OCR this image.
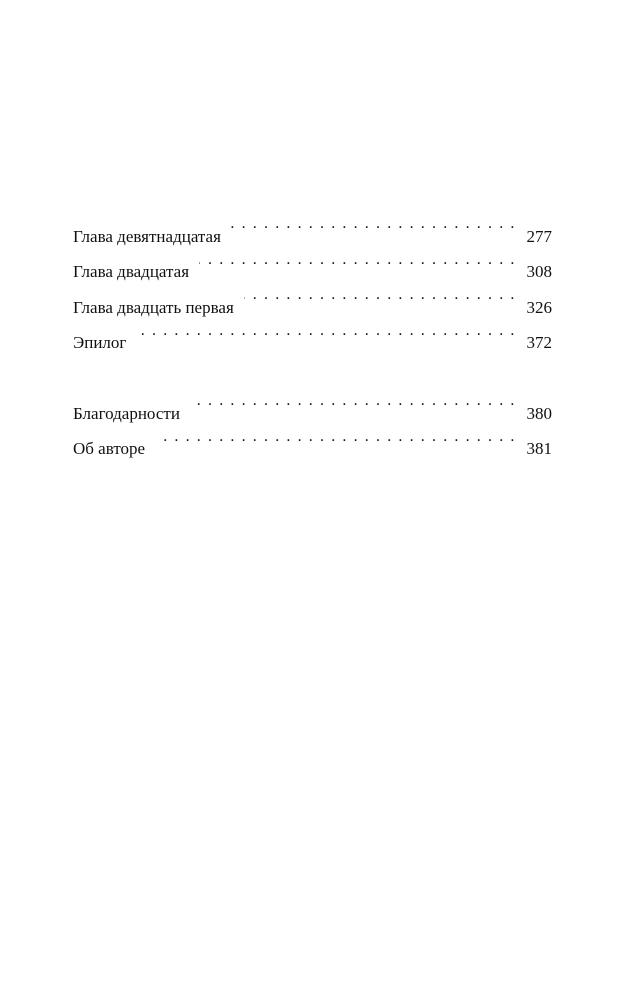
Глава девятнадцатая . . .	277
Глава двадцатая . . .	308
Глава двадцать первая . . .	326
Эпилог . . .	372
Благодарности . . .	380
Об авторе . . .	381
